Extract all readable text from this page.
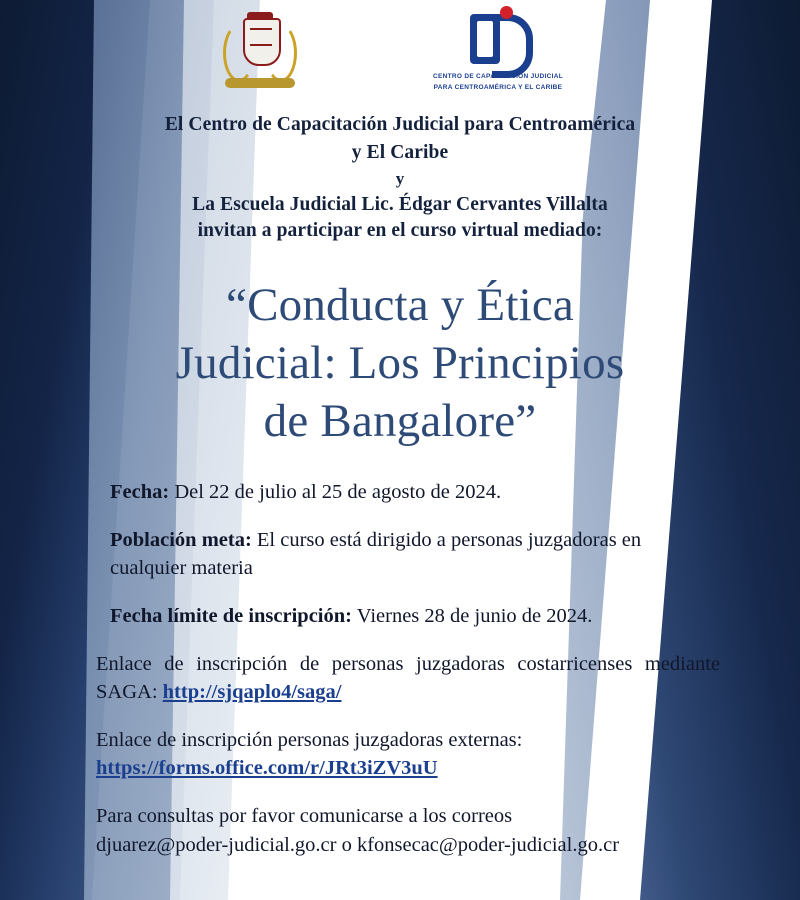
CENTRO DE CAPACITACIÓN JUDICIAL
PARA CENTROAMÉRICA Y EL CARIBE
El Centro de Capacitación Judicial para Centroamérica
y El Caribe
y
La Escuela Judicial Lic. Édgar Cervantes Villalta
invitan a participar en el curso virtual mediado:
“Conducta y Ética
Judicial: Los Principios
de Bangalore”
Fecha: Del 22 de julio al 25 de agosto de 2024.
Población meta: El curso está dirigido a personas juzgadoras en cualquier materia
Fecha límite de inscripción: Viernes 28 de junio de 2024.
Enlace de inscripción de personas juzgadoras costarricenses mediante SAGA: http://sjqaplo4/saga/
Enlace de inscripción personas juzgadoras externas:
https://forms.office.com/r/JRt3iZV3uU
Para consultas por favor comunicarse a los correos
djuarez@poder-judicial.go.cr o kfonsecac@poder-judicial.go.cr
